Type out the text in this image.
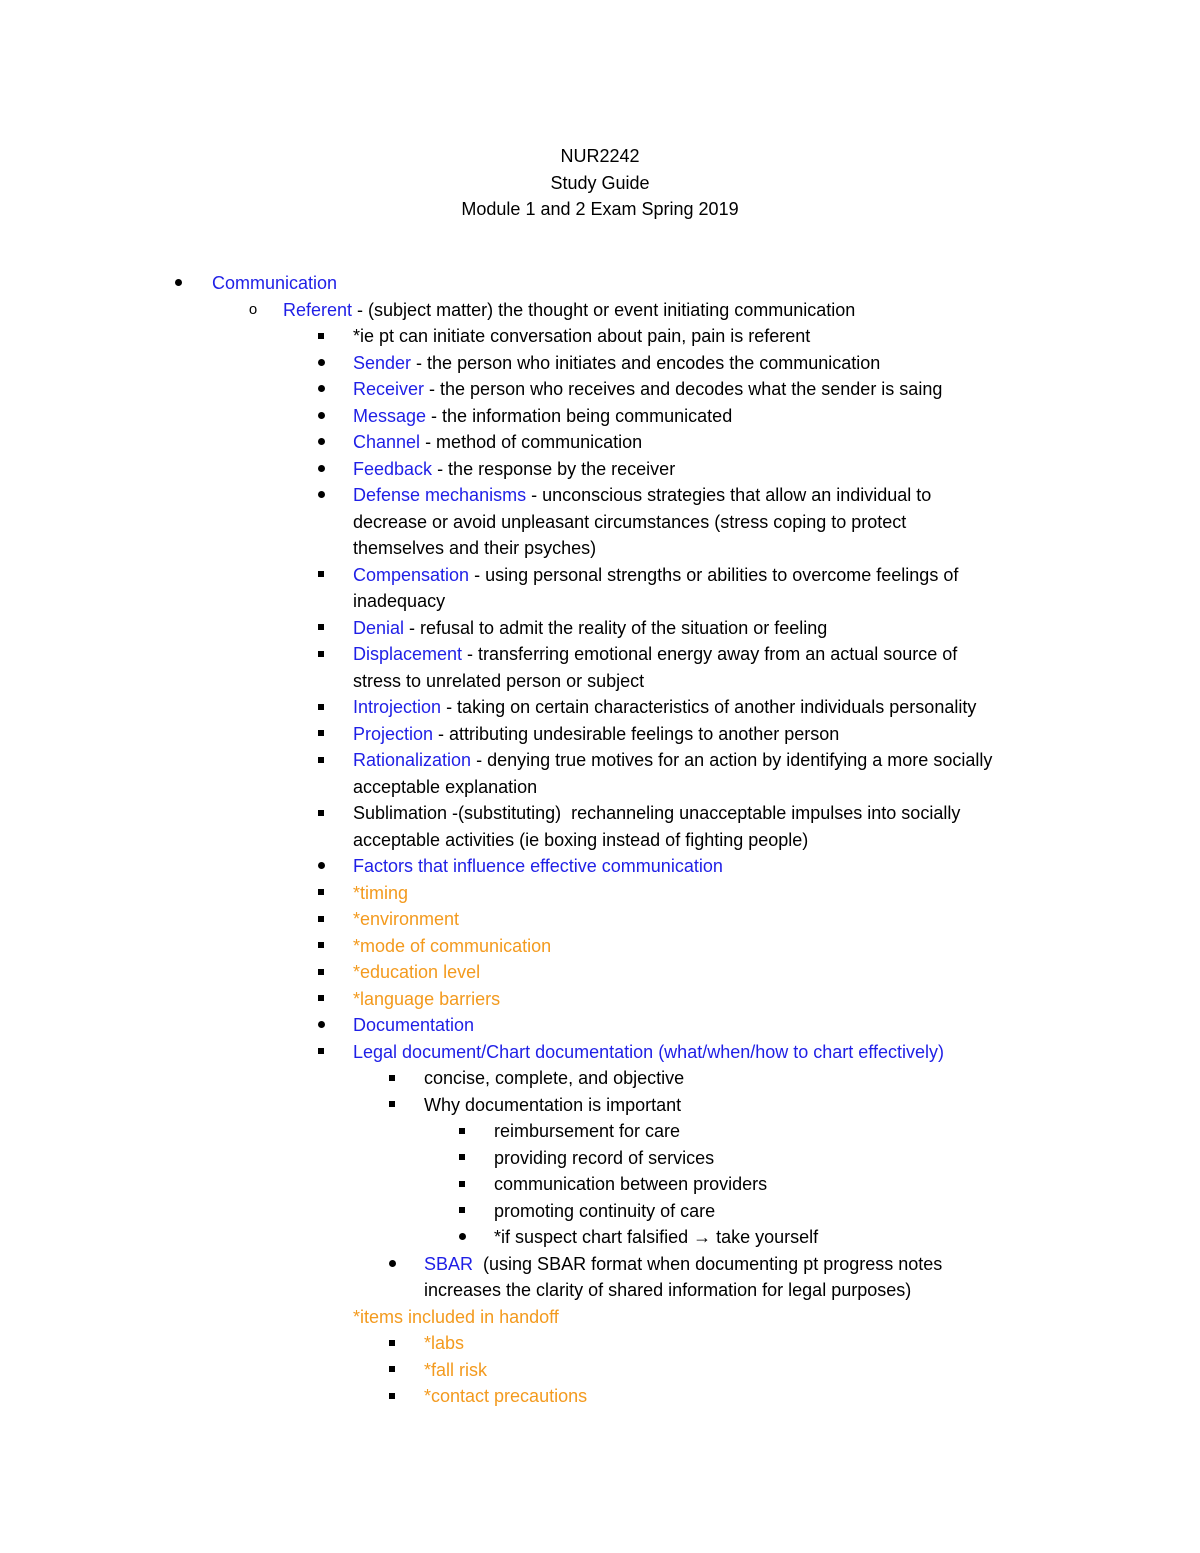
NUR2242
Study Guide
Module 1 and 2 Exam Spring 2019
Communication
o	Referent - (subject matter) the thought or event initiating communication
*ie pt can initiate conversation about pain, pain is referent
Sender - the person who initiates and encodes the communication
Receiver - the person who receives and decodes what the sender is saing
Message - the information being communicated
Channel - method of communication
Feedback - the response by the receiver
Defense mechanisms - unconscious strategies that allow an individual to
decrease or avoid unpleasant circumstances (stress coping to protect
themselves and their psyches)
Compensation - using personal strengths or abilities to overcome feelings of
inadequacy
Denial - refusal to admit the reality of the situation or feeling
Displacement - transferring emotional energy away from an actual source of
stress to unrelated person or subject
Introjection - taking on certain characteristics of another individuals personality
Projection - attributing undesirable feelings to another person
Rationalization - denying true motives for an action by identifying a more socially
acceptable explanation
Sublimation -(substituting)  rechanneling unacceptable impulses into socially
acceptable activities (ie boxing instead of fighting people)
Factors that influence effective communication
*timing
*environment
*mode of communication
*education level
*language barriers
Documentation
Legal document/Chart documentation (what/when/how to chart effectively)
concise, complete, and objective
Why documentation is important
reimbursement for care
providing record of services
communication between providers
promoting continuity of care
*if suspect chart falsified → take yourself
SBAR  (using SBAR format when documenting pt progress notes
increases the clarity of shared information for legal purposes)
*items included in handoff
*labs
*fall risk
*contact precautions
